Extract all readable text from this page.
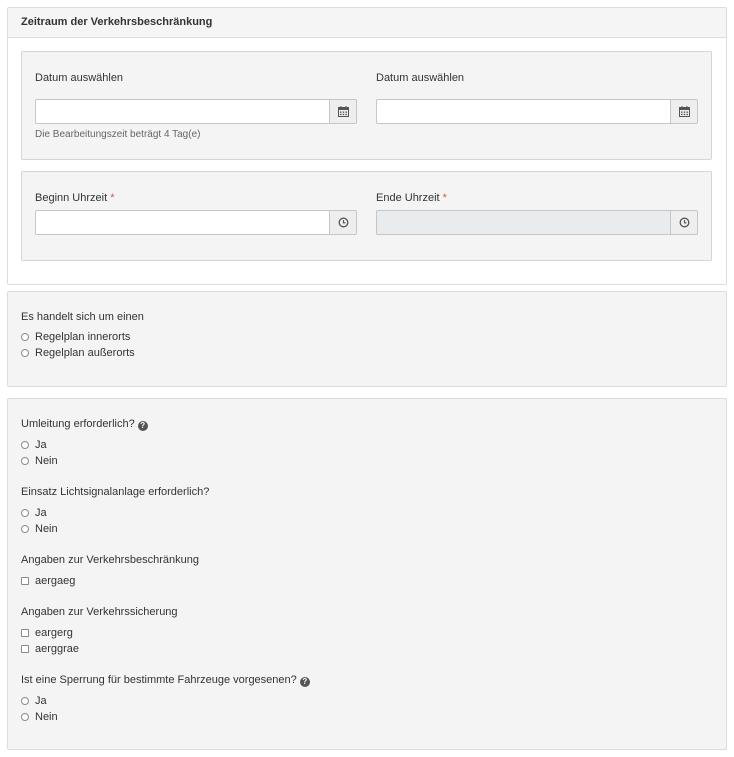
Zeitraum der Verkehrsbeschränkung
Datum auswählen
Die Bearbeitungszeit beträgt 4 Tag(e)
Datum auswählen
Beginn Uhrzeit *	Ende Uhrzeit *
Es handelt sich um einen
Regelplan innerorts
Regelplan außerorts
Umleitung erforderlich? ?
Ja
Nein
Einsatz Lichtsignalanlage erforderlich?
Ja
Nein
Angaben zur Verkehrsbeschränkung
aergaeg
Angaben zur Verkehrssicherung
eargerg
aerggrae
Ist eine Sperrung für bestimmte Fahrzeuge vorgesenen? ?
Ja
Nein
